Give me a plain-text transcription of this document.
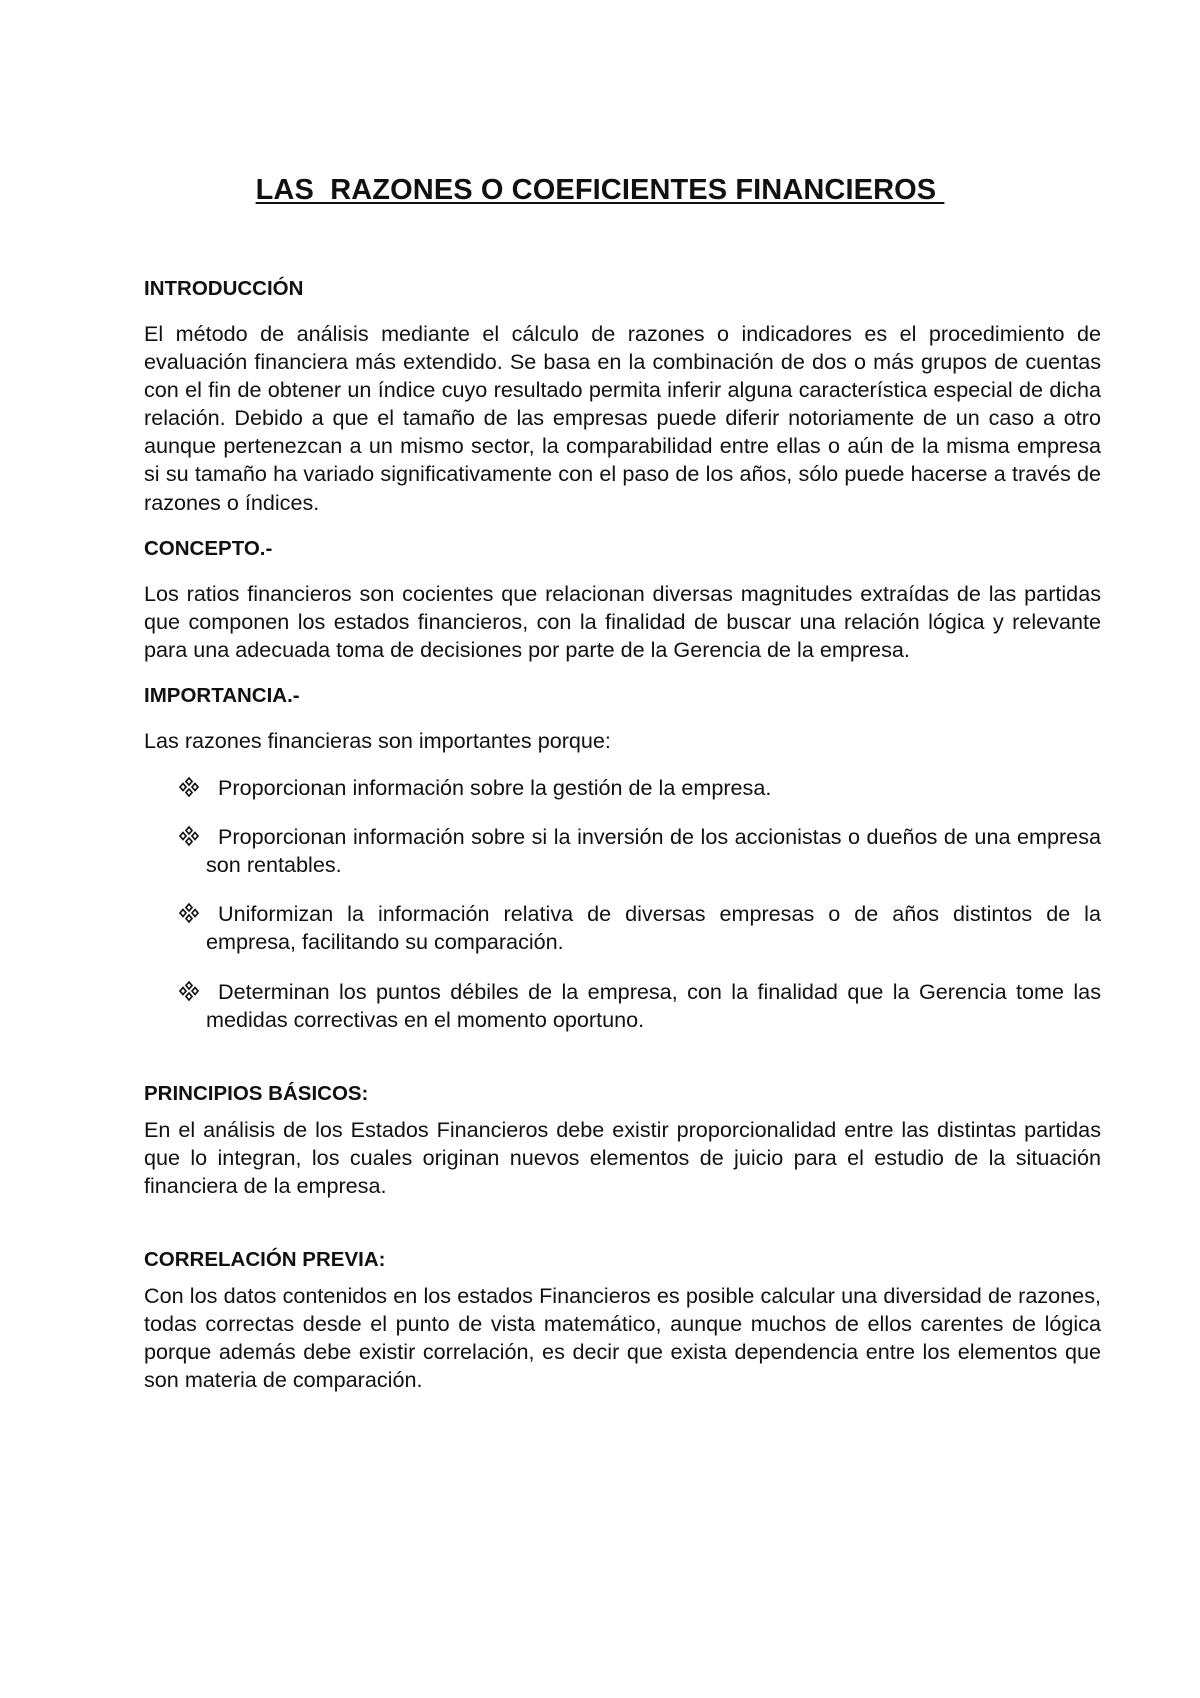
LAS  RAZONES O COEFICIENTES FINANCIEROS
INTRODUCCIÓN

El método de análisis mediante el cálculo de razones o indicadores es el procedimiento de evaluación financiera más extendido. Se basa en la combinación de dos o más grupos de cuentas con el fin de obtener un índice cuyo resultado permita inferir alguna característica especial de dicha relación. Debido a que el tamaño de las empresas puede diferir notoriamente de un caso a otro aunque pertenezcan a un mismo sector, la comparabilidad entre ellas o aún de la misma empresa si su tamaño ha variado significativamente con el paso de los años, sólo puede hacerse a través de razones o índices.

CONCEPTO.-

Los ratios financieros son cocientes que relacionan diversas magnitudes extraídas de las partidas que componen los estados financieros, con la finalidad de buscar una relación lógica y relevante para una adecuada toma de decisiones por parte de la Gerencia de la empresa.

IMPORTANCIA.-

Las razones financieras son importantes porque:

Proporcionan información sobre la gestión de la empresa.
Proporcionan información sobre si la inversión de los accionistas o dueños de una empresa son rentables.
Uniformizan la información relativa de diversas empresas o de años distintos de la empresa, facilitando su comparación.
Determinan los puntos débiles de la empresa, con la finalidad que la Gerencia tome las medidas correctivas en el momento oportuno.
PRINCIPIOS BÁSICOS:

En el análisis de los Estados Financieros debe existir proporcionalidad entre las distintas partidas que lo integran, los cuales originan nuevos elementos de juicio para el estudio de la situación financiera de la empresa.

CORRELACIÓN PREVIA:

Con los datos contenidos en los estados Financieros es posible calcular una diversidad de razones, todas correctas desde el punto de vista matemático, aunque muchos de ellos carentes de lógica porque además debe existir correlación, es decir que exista dependencia entre los elementos que son materia de comparación.
